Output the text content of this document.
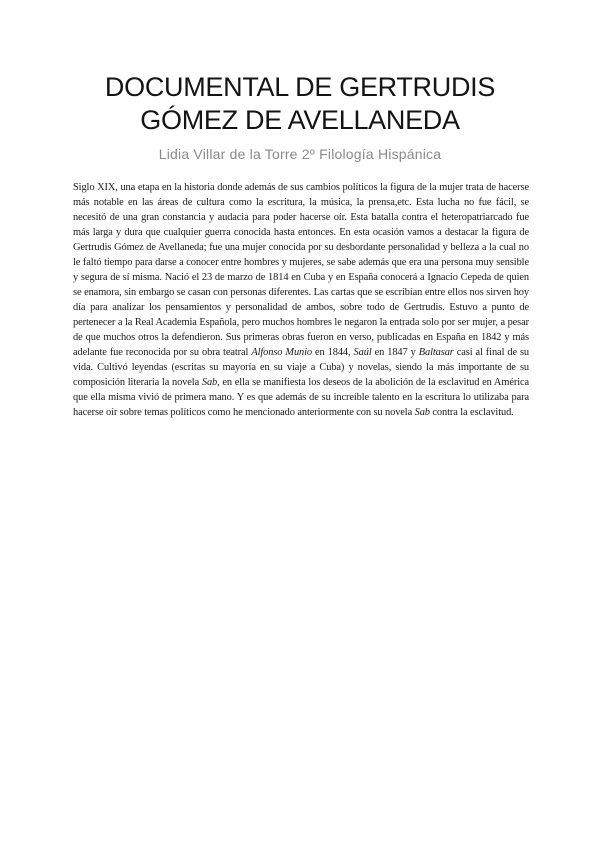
DOCUMENTAL DE GERTRUDIS
GÓMEZ DE AVELLANEDA
Lidia Villar de la Torre 2º Filología Hispánica
Siglo XIX, una etapa en la historia donde además de sus cambios políticos la figura de la mujer trata de hacerse más notable en las áreas de cultura como la escritura, la música, la prensa,etc. Esta lucha no fue fácil, se necesitó de una gran constancia y audacia para poder hacerse oír. Esta batalla contra el heteropatriarcado fue más larga y dura que cualquier guerra conocida hasta entonces. En esta ocasión vamos a destacar la figura de Gertrudis Gómez de Avellaneda; fue una mujer conocida por su desbordante personalidad y belleza a la cual no le faltó tiempo para darse a conocer entre hombres y mujeres, se sabe además que era una persona muy sensible y segura de sí misma. Nació el 23 de marzo de 1814 en Cuba y en España conocerá a Ignacio Cepeda de quien se enamora, sin embargo se casan con personas diferentes. Las cartas que se escribían entre ellos nos sirven hoy día para analizar los pensamientos y personalidad de ambos, sobre todo de Gertrudis. Estuvo a punto de pertenecer a la Real Academia Española, pero muchos hombres le negaron la entrada solo por ser mujer, a pesar de que muchos otros la defendieron. Sus primeras obras fueron en verso, publicadas en España en 1842 y más adelante fue reconocida por su obra teatral Alfonso Munio en 1844, Saúl en 1847 y Baltasar casi al final de su vida. Cultivó leyendas (escritas su mayoría en su viaje a Cuba) y novelas, siendo la más importante de su composición literaria la novela Sab, en ella se manifiesta los deseos de la abolición de la esclavitud en América que ella misma vivió de primera mano. Y es que además de su increíble talento en la escritura lo utilizaba para hacerse oír sobre temas políticos como he mencionado anteriormente con su novela Sab contra la esclavitud.
